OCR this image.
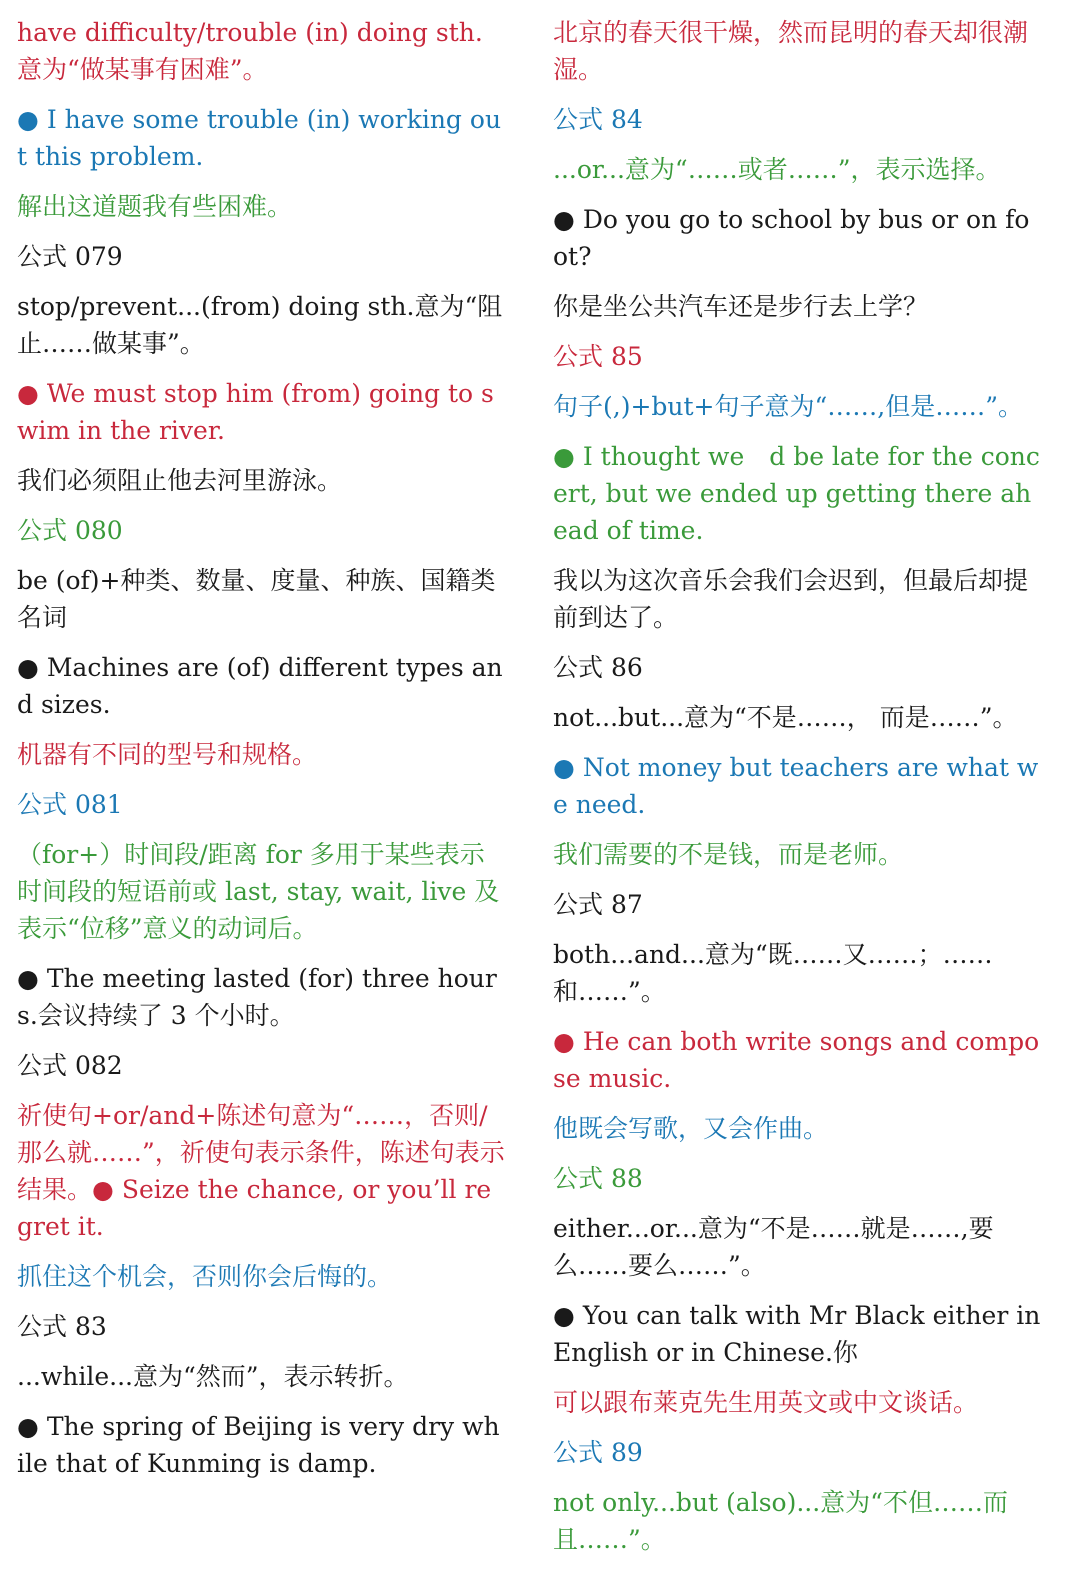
have difficulty/trouble (in) doing sth.意为“做某事有困难”。

● I have some trouble (in) working out this problem.

解出这道题我有些困难。

公式 079

stop/prevent...(from) doing sth.意为“阻止……做某事”。

● We must stop him (from) going to swim in the river.

我们必须阻止他去河里游泳。

公式 080

be (of)+种类、数量、度量、种族、国籍类名词

● Machines are (of) different types and sizes.

机器有不同的型号和规格。

公式 081

（for+）时间段/距离 for 多用于某些表示时间段的短语前或 last, stay, wait, live 及表示“位移”意义的动词后。

● The meeting lasted (for) three hours.会议持续了 3 个小时。

公式 082

祈使句+or/and+陈述句意为“……，否则/那么就……”，祈使句表示条件，陈述句表示结果。● Seize the chance, or you’ll regret it.

抓住这个机会，否则你会后悔的。

公式 83

...while...意为“然而”，表示转折。

● The spring of Beijing is very dry while that of Kunming is damp.

北京的春天很干燥，然而昆明的春天却很潮湿。

公式 84

...or...意为“……或者……”，表示选择。

● Do you go to school by bus or on foot?

你是坐公共汽车还是步行去上学？

公式 85

句子(,)+but+句子意为“……,但是……”。

● I thought we　d be late for the concert, but we ended up getting there ahead of time.

我以为这次音乐会我们会迟到，但最后却提前到达了。

公式 86

not...but...意为“不是……， 而是……”。

● Not money but teachers are what we need.

我们需要的不是钱，而是老师。

公式 87

both...and...意为“既……又……；……和……”。

● He can both write songs and compose music.

他既会写歌，又会作曲。

公式 88

either...or...意为“不是……就是……,要么……要么……”。

● You can talk with Mr Black either in English or in Chinese.你

可以跟布莱克先生用英文或中文谈话。

公式 89

not only...but (also)...意为“不但……而且……”。
